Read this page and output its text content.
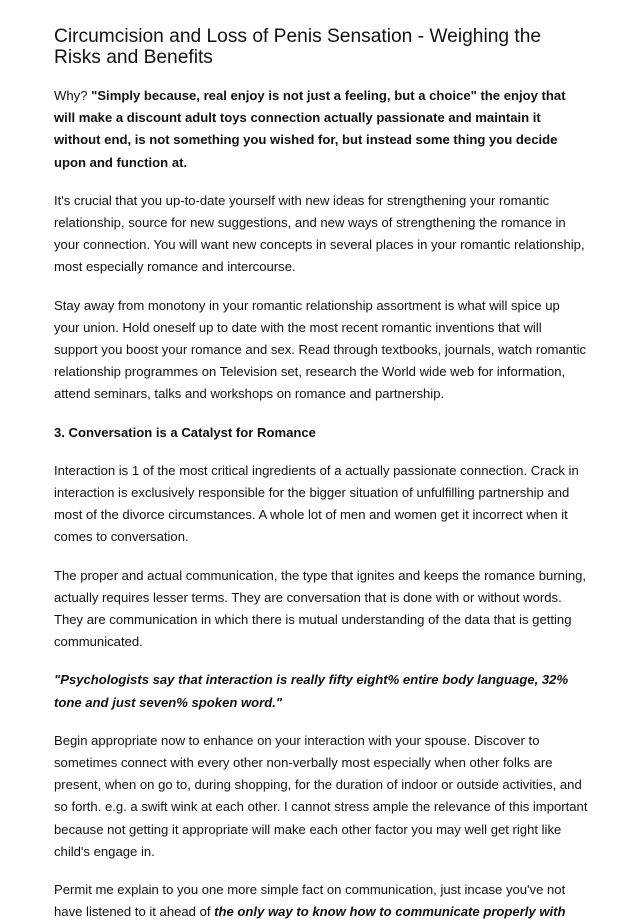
Circumcision and Loss of Penis Sensation - Weighing the Risks and Benefits

Why? "Simply because, real enjoy is not just a feeling, but a choice" the enjoy that will make a discount adult toys connection actually passionate and maintain it without end, is not something you wished for, but instead some thing you decide upon and function at.

It's crucial that you up-to-date yourself with new ideas for strengthening your romantic relationship, source for new suggestions, and new ways of strengthening the romance in your connection. You will want new concepts in several places in your romantic relationship, most especially romance and intercourse.

Stay away from monotony in your romantic relationship assortment is what will spice up your union. Hold oneself up to date with the most recent romantic inventions that will support you boost your romance and sex. Read through textbooks, journals, watch romantic relationship programmes on Television set, research the World wide web for information, attend seminars, talks and workshops on romance and partnership.

3. Conversation is a Catalyst for Romance

Interaction is 1 of the most critical ingredients of a actually passionate connection. Crack in interaction is exclusively responsible for the bigger situation of unfulfilling partnership and most of the divorce circumstances. A whole lot of men and women get it incorrect when it comes to conversation.

The proper and actual communication, the type that ignites and keeps the romance burning, actually requires lesser terms. They are conversation that is done with or without words. They are communication in which there is mutual understanding of the data that is getting communicated.

"Psychologists say that interaction is really fifty eight% entire body language, 32% tone and just seven% spoken word."

Begin appropriate now to enhance on your interaction with your spouse. Discover to sometimes connect with every other non-verbally most especially when other folks are present, when on go to, during shopping, for the duration of indoor or outside activities, and so forth. e.g. a swift wink at each other. I cannot stress ample the relevance of this important because not getting it appropriate will make each other factor you may well get right like child's engage in.

Permit me explain to you one more simple fact on communication, just incase you've not have listened to it ahead of the only way to know how to communicate properly with
